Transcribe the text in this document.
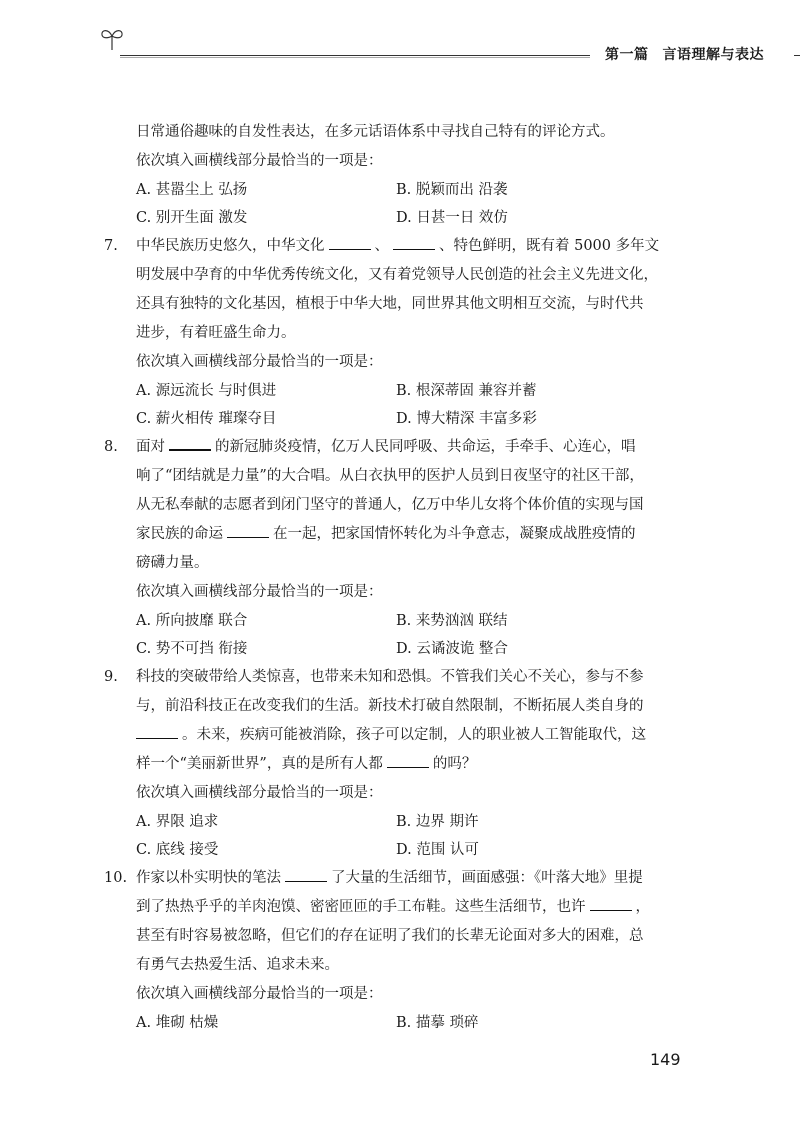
第一篇 言语理解与表达
日常通俗趣味的自发性表达，在多元话语体系中寻找自己特有的评论方式。
依次填入画横线部分最恰当的一项是：
A. 甚嚣尘上 弘扬	B. 脱颖而出 沿袭
C. 别开生面 激发	D. 日甚一日 效仿
7. 中华民族历史悠久，中华文化	、	、特色鲜明，既有着 5000 多年文
明发展中孕育的中华优秀传统文化，又有着党领导人民创造的社会主义先进文化，
还具有独特的文化基因，植根于中华大地，同世界其他文明相互交流，与时代共
进步，有着旺盛生命力。
依次填入画横线部分最恰当的一项是：
A. 源远流长 与时俱进	B. 根深蒂固 兼容并蓄
C. 薪火相传 璀璨夺目	D. 博大精深 丰富多彩
8. 面对	的新冠肺炎疫情，亿万人民同呼吸、共命运，手牵手、心连心，唱
响了“团结就是力量”的大合唱。从白衣执甲的医护人员到日夜坚守的社区干部，
从无私奉献的志愿者到闭门坚守的普通人，亿万中华儿女将个体价值的实现与国
家民族的命运	在一起，把家国情怀转化为斗争意志，凝聚成战胜疫情的
磅礴力量。
依次填入画横线部分最恰当的一项是：
A. 所向披靡 联合	B. 来势汹汹 联结
C. 势不可挡 衔接	D. 云谲波诡 整合
9. 科技的突破带给人类惊喜，也带来未知和恐惧。不管我们关心不关心，参与不参
与，前沿科技正在改变我们的生活。新技术打破自然限制，不断拓展人类自身的
。未来，疾病可能被消除，孩子可以定制，人的职业被人工智能取代，这
样一个“美丽新世界”，真的是所有人都	的吗？
依次填入画横线部分最恰当的一项是：
A. 界限 追求	B. 边界 期许
C. 底线 接受	D. 范围 认可
10. 作家以朴实明快的笔法	了大量的生活细节，画面感强：《叶落大地》里提
到了热热乎乎的羊肉泡馍、密密匝匝的手工布鞋。这些生活细节，也许	，
甚至有时容易被忽略，但它们的存在证明了我们的长辈无论面对多大的困难，总
有勇气去热爱生活、追求未来。
依次填入画横线部分最恰当的一项是：
A. 堆砌 枯燥	B. 描摹 琐碎
149
